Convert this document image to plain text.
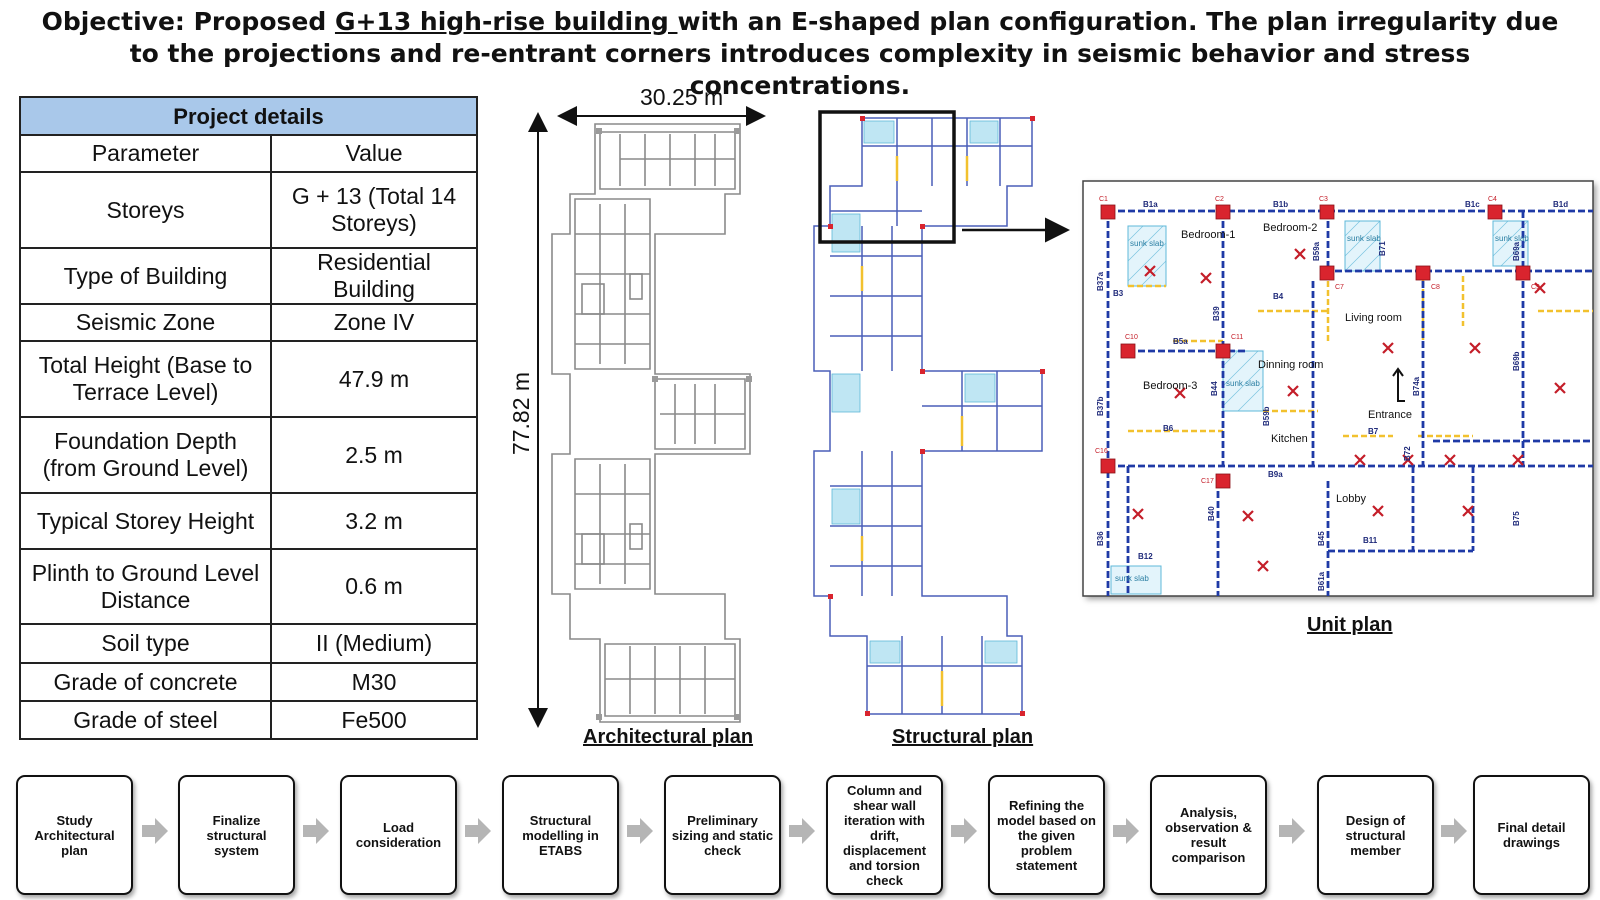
Objective: Proposed G+13 high-rise building with an E-shaped plan configuration. The plan irregularity due to the projections and re-entrant corners introduces complexity in seismic behavior and stress concentrations.
Project details	
Parameter	Value
Storeys	G + 13 (Total 14 Storeys)
Type of Building	Residential Building
Seismic Zone	Zone IV
Total Height (Base to Terrace Level)	47.9 m
Foundation Depth (from Ground Level)	2.5 m
Typical Storey Height	3.2 m
Plinth to Ground Level Distance	0.6 m
Soil type	II (Medium)
Grade of concrete	M30
Grade of steel	Fe500
30.25 m
77.82 m
Bedroom-1
Bedroom-2
Living room
Dinning room
Bedroom-3
Entrance
Kitchen
Lobby
B1a	B1b	B1c	B1d
B3	B4
B5a
B6	B7
B9a
B11
B12
B36
B37a
B37b
B39
B40
B44
B45
B59a
B59b
B61a
B69a
B69b
B71
B72
B74a
B75
C1	C2	C3	C4
C7	C8	C9
C10	C11
C16
C17
sunk slab
sunk slab	sunk slab
sunk slab
sunk slab
Architectural plan	Structural plan
Unit plan
Study Architectural plan
Finalize structural system
Load consideration
Structural modelling in ETABS
Preliminary sizing and static check
Column and shear wall iteration with drift, displacement and torsion check
Refining the model based on the given problem statement
Analysis, observation & result comparison
Design of structural member
Final detail drawings
